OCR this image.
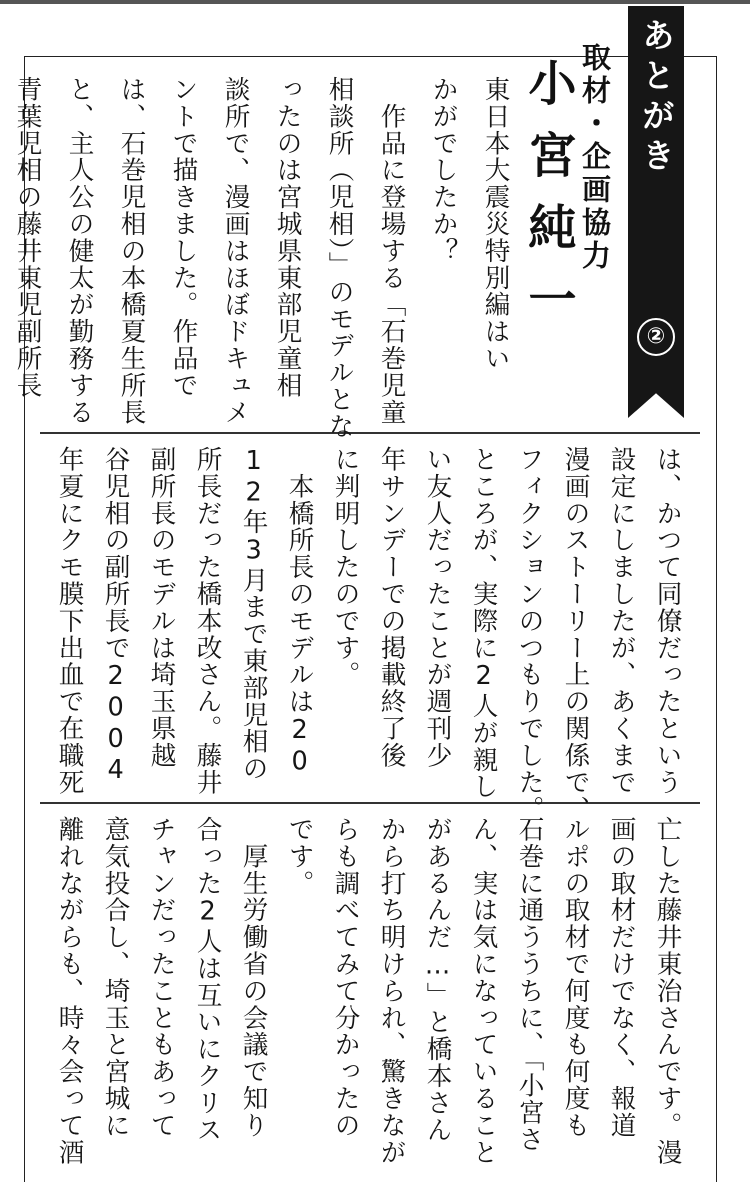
あとがき
②
取材・企画協力
小宮純一
東日本大震災特別編はい
かがでしたか？
　作品に登場する「石巻児童
相談所（児相）」のモデルとな
ったのは宮城県東部児童相
談所で、漫画はほぼドキュメ
ントで描きました。作品で
は、石巻児相の本橋夏生所長
と、主人公の健太が勤務する
青葉児相の藤井東児副所長
は、かつて同僚だったという
設定にしましたが、あくまで
漫画のストーリー上の関係で、
フィクションのつもりでした。
ところが、実際に2人が親し
い友人だったことが週刊少
年サンデーでの掲載終了後
に判明したのです。
　本橋所長のモデルは20
12年3月まで東部児相の
所長だった橋本改さん。藤井
副所長のモデルは埼玉県越
谷児相の副所長で2004
年夏にクモ膜下出血で在職死
亡した藤井東治さんです。漫
画の取材だけでなく、報道
ルポの取材で何度も何度も
石巻に通ううちに、「小宮さ
ん、実は気になっていること
があるんだ…」と橋本さん
から打ち明けられ、驚きなが
らも調べてみて分かったの
です。
　厚生労働省の会議で知り
合った2人は互いにクリス
チャンだったこともあって
意気投合し、埼玉と宮城に
離れながらも、時々会って酒
